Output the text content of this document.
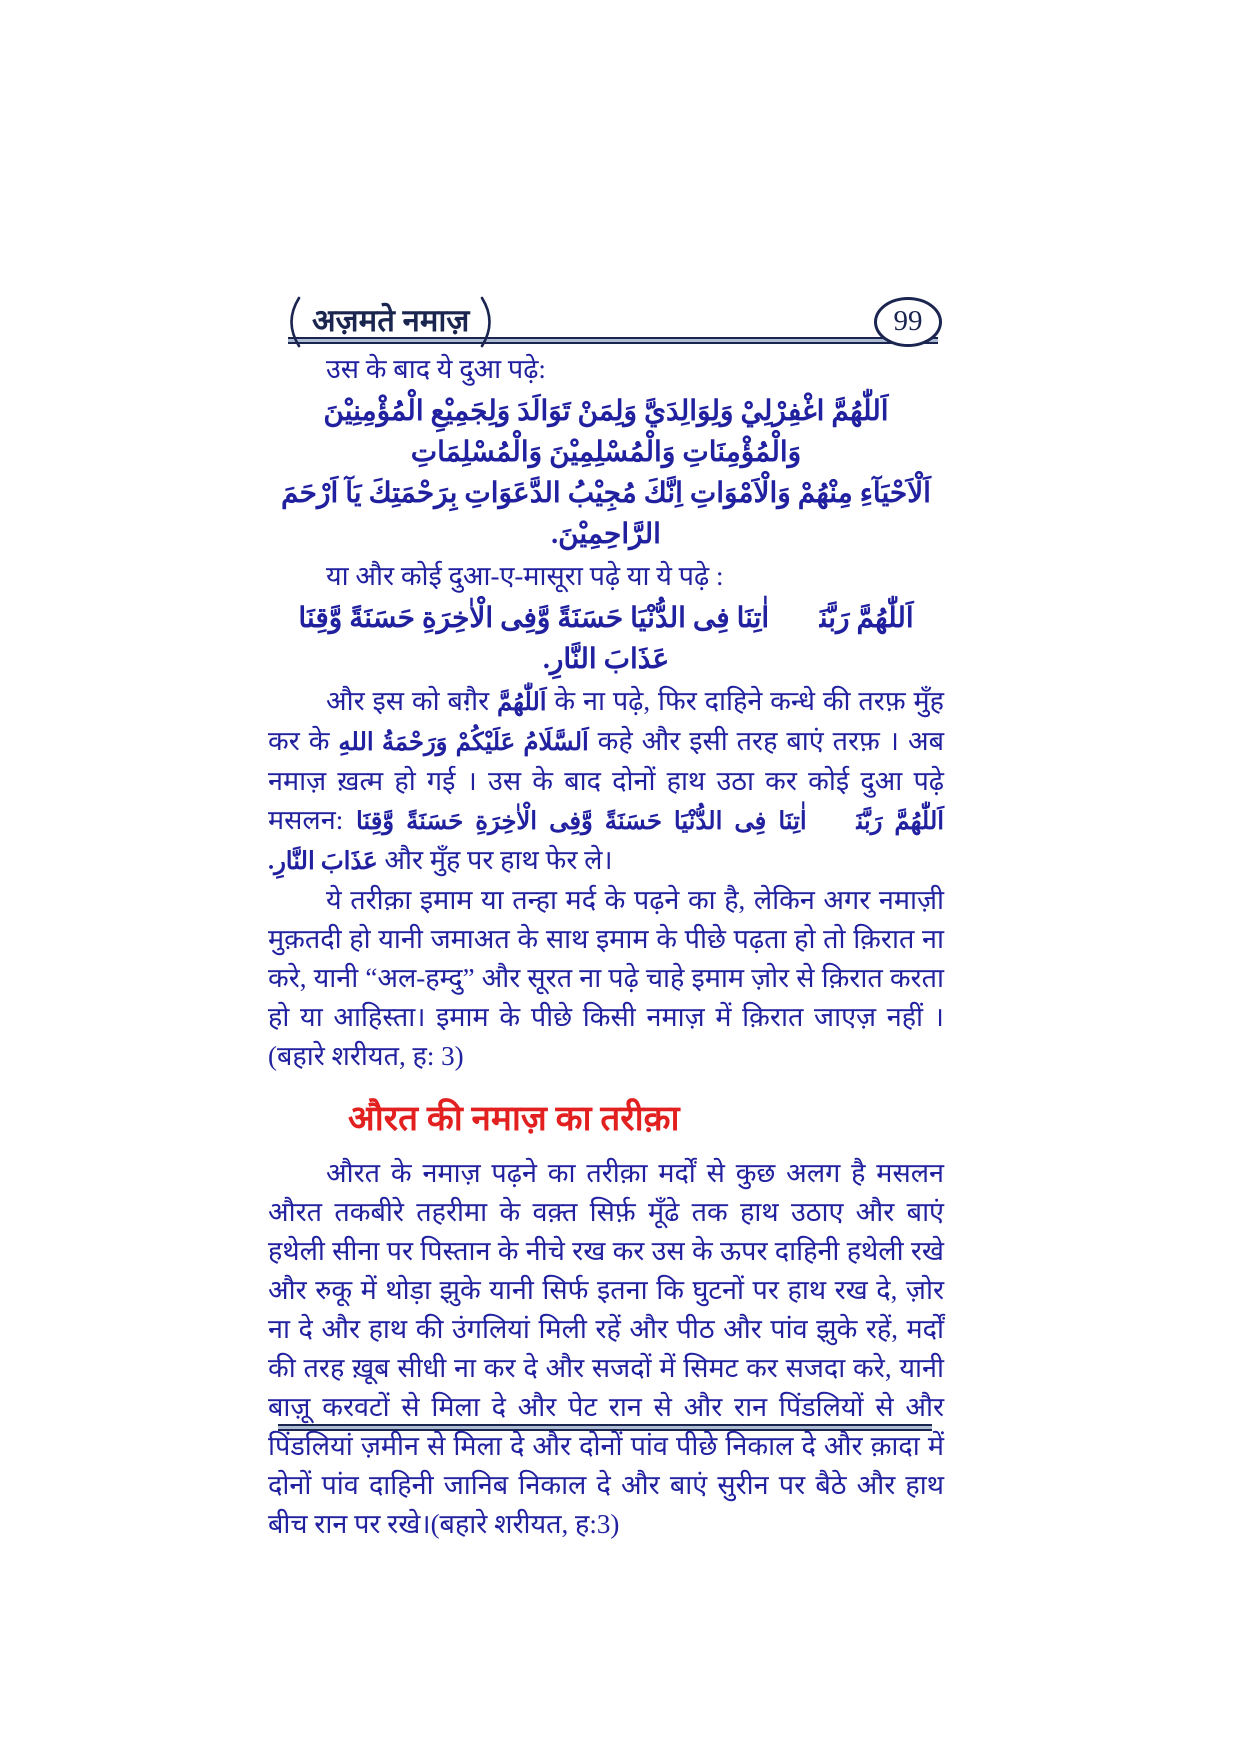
अज़मते नमाज़	99

उस के बाद ये दुआ पढ़े:

اَللّٰهُمَّ اغْفِرْلِيْ وَلِوَالِدَيَّ وَلِمَنْ تَوَالَدَ وَلِجَمِيْعِ الْمُؤْمِنِيْنَ وَالْمُؤْمِنَاتِ وَالْمُسْلِمِيْنَ وَالْمُسْلِمَاتِ
اَلْاَحْيَآءِ مِنْهُمْ وَالْاَمْوَاتِ اِنَّكَ مُجِيْبُ الدَّعَوَاتِ بِرَحْمَتِكَ يَآ اَرْحَمَ الرَّاحِمِيْنَ.

या और कोई दुआ-ए-मासूरा पढ़े या ये पढ़े :

اَللّٰهُمَّ رَبَّنَاۤ اٰتِنَا فِى الدُّنْيَا حَسَنَةً وَّفِى الْاٰخِرَةِ حَسَنَةً وَّقِنَا عَذَابَ النَّارِ.

और इस को बग़ैर اَللّٰهُمَّ के ना पढ़े, फिर दाहिने कन्धे की तरफ़ मुँह कर के اَلسَّلَامُ عَلَيْكُمْ وَرَحْمَةُ اللهِ कहे और इसी तरह बाएं तरफ़ । अब नमाज़ ख़त्म हो गई । उस के बाद दोनों हाथ उठा कर कोई दुआ पढ़े मसलन: اَللّٰهُمَّ رَبَّنَاۤ اٰتِنَا فِى الدُّنْيَا حَسَنَةً وَّفِى الْاٰخِرَةِ حَسَنَةً وَّقِنَا عَذَابَ النَّارِ. और मुँह पर हाथ फेर ले।

ये तरीक़ा इमाम या तन्हा मर्द के पढ़ने का है, लेकिन अगर नमाज़ी मुक़तदी हो यानी जमाअत के साथ इमाम के पीछे पढ़ता हो तो क़िरात ना करे, यानी “अल-हम्दु” और सूरत ना पढ़े चाहे इमाम ज़ोर से क़िरात करता हो या आहिस्ता। इमाम के पीछे किसी नमाज़ में क़िरात जाएज़ नहीं । (बहारे शरीयत, ह: 3)

औरत की नमाज़ का तरीक़ा

औरत के नमाज़ पढ़ने का तरीक़ा मर्दों से कुछ अलग है मसलन औरत तकबीरे तहरीमा के वक़्त सिर्फ़ मूँढे तक हाथ उठाए और बाएं हथेली सीना पर पिस्तान के नीचे रख कर उस के ऊपर दाहिनी हथेली रखे और रुकू में थोड़ा झुके यानी सिर्फ इतना कि घुटनों पर हाथ रख दे, ज़ोर ना दे और हाथ की उंगलियां मिली रहें और पीठ और पांव झुके रहें, मर्दों की तरह ख़ूब सीधी ना कर दे और सजदों में सिमट कर सजदा करे, यानी बाज़ू करवटों से मिला दे और पेट रान से और रान पिंडलियों से और पिंडलियां ज़मीन से मिला दे और दोनों पांव पीछे निकाल दे और क़ादा में दोनों पांव दाहिनी जानिब निकाल दे और बाएं सुरीन पर बैठे और हाथ बीच रान पर रखे।(बहारे शरीयत, ह:3)
